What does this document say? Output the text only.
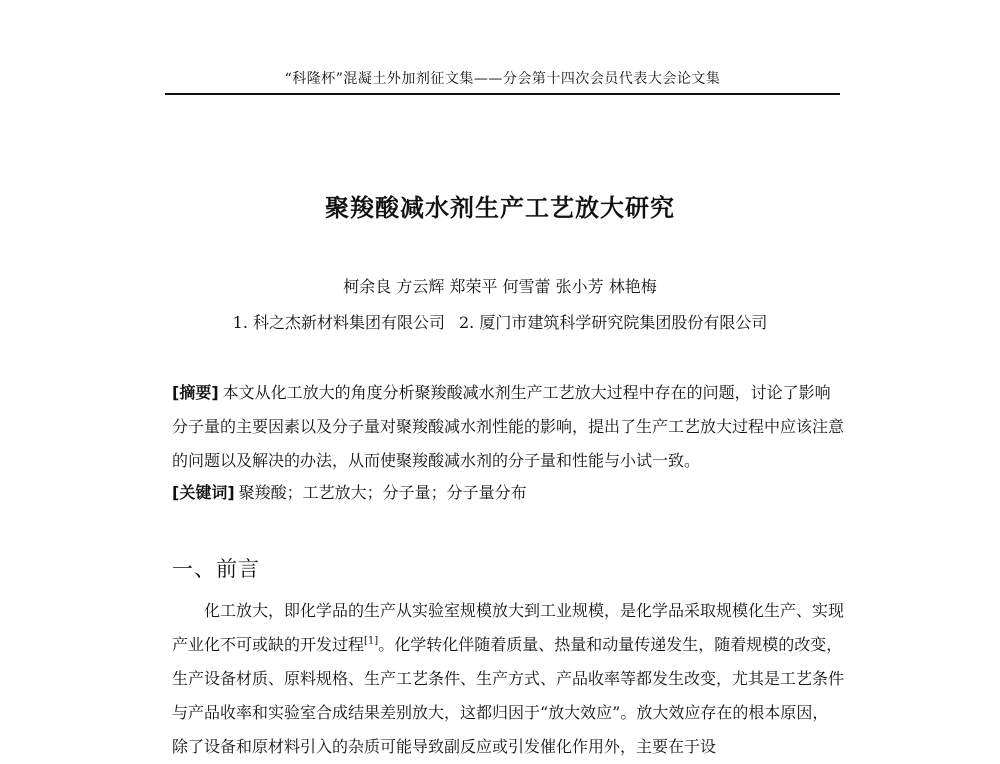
“科隆杯”混凝土外加剂征文集——分会第十四次会员代表大会论文集
聚羧酸减水剂生产工艺放大研究
柯余良 方云辉 郑荣平 何雪蕾 张小芳 林艳梅
1. 科之杰新材料集团有限公司 2. 厦门市建筑科学研究院集团股份有限公司
[摘要] 本文从化工放大的角度分析聚羧酸减水剂生产工艺放大过程中存在的问题，讨论了影响分子量的主要因素以及分子量对聚羧酸减水剂性能的影响，提出了生产工艺放大过程中应该注意的问题以及解决的办法，从而使聚羧酸减水剂的分子量和性能与小试一致。
[关键词] 聚羧酸；工艺放大；分子量；分子量分布
一、前言
化工放大，即化学品的生产从实验室规模放大到工业规模，是化学品采取规模化生产、实现产业化不可或缺的开发过程[1]。化学转化伴随着质量、热量和动量传递发生，随着规模的改变，生产设备材质、原料规格、生产工艺条件、生产方式、产品收率等都发生改变，尤其是工艺条件与产品收率和实验室合成结果差别放大，这都归因于“放大效应”。放大效应存在的根本原因，除了设备和原材料引入的杂质可能导致副反应或引发催化作用外，主要在于设
